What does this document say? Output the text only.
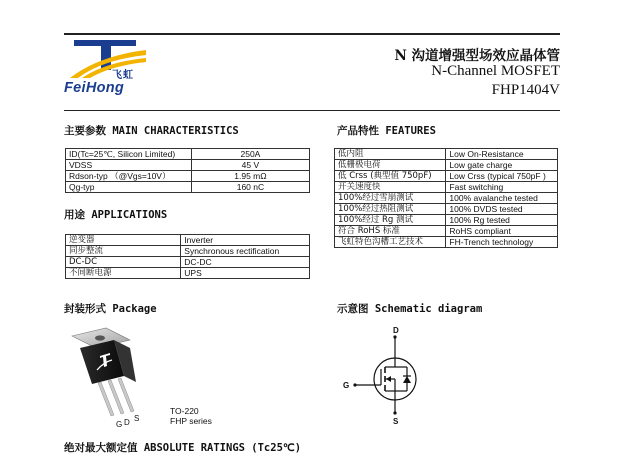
飞虹
FeiHong
N 沟道增强型场效应晶体管
N-Channel MOSFET
FHP1404V
主要参数 MAIN CHARACTERISTICS
ID(Tc=25℃, Silicon Limited)	250A
VDSS	45 V
Rdson-typ （@Vgs=10V）	1.95 mΩ
Qg-typ	160 nC
产品特性 FEATURES
低内阻	Low On-Resistance
低栅极电荷	Low gate charge
低 Crss (典型值 750pF)	Low Crss (typical 750pF )
开关速度快	Fast switching
100%经过雪崩测试	100% avalanche tested
100%经过热阻测试	100% DVDS tested
100%经过 Rg 测试	100% Rg tested
符合 RoHS 标准	RoHS compliant
飞虹特色沟槽工艺技术	FH-Trench technology
用途 APPLICATIONS
逆变器	Inverter
同步整流	Synchronous rectification
DC-DC	DC-DC
不间断电源	UPS
封装形式 Package
G D S
TO-220
FHP series
示意图 Schematic diagram
D
G
S
绝对最大额定值 ABSOLUTE RATINGS (Tc25℃)
